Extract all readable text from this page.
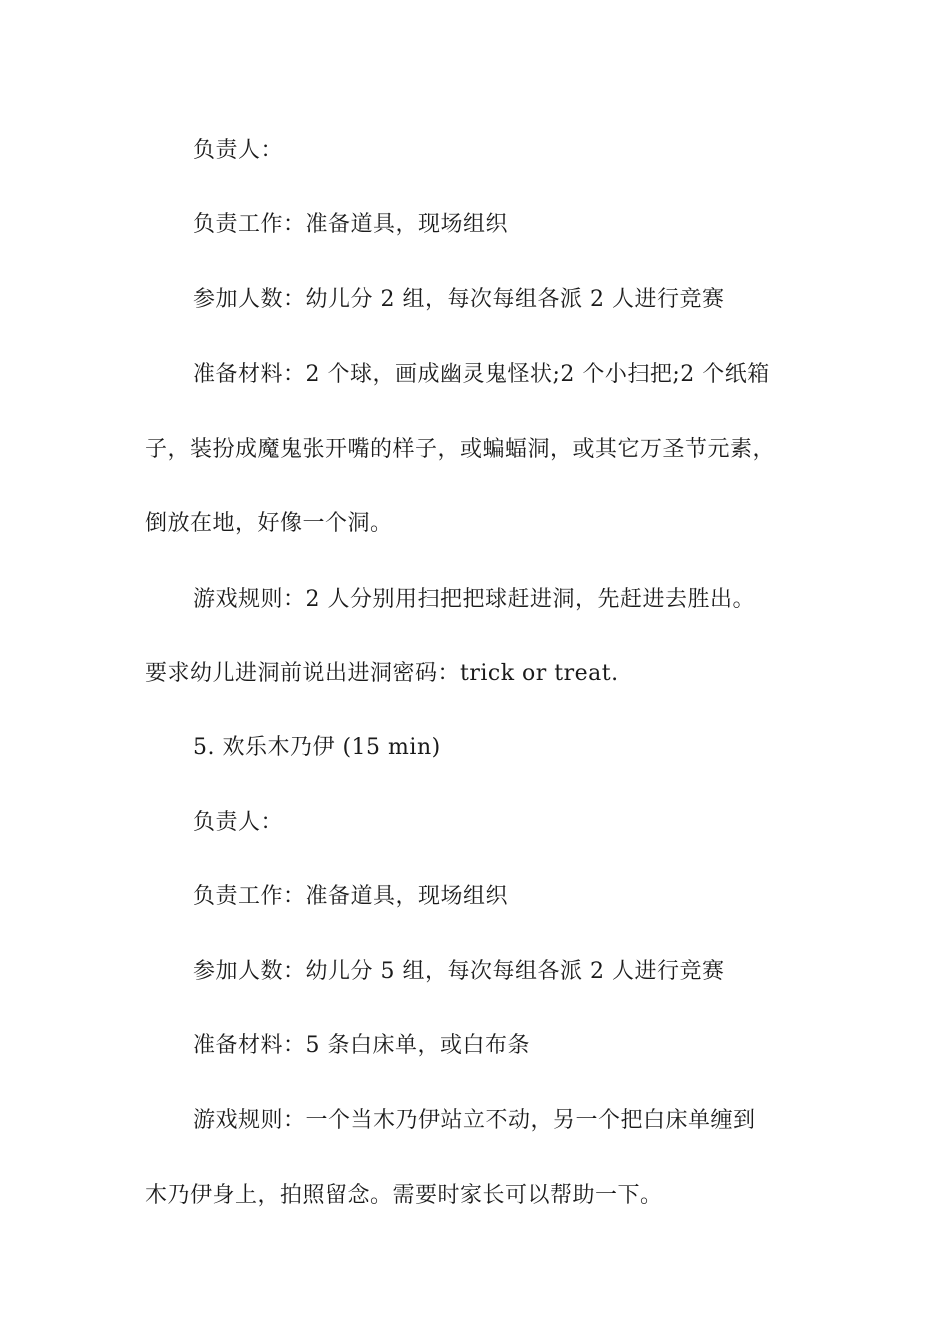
负责人：
负责工作：准备道具，现场组织
参加人数：幼儿分 2 组，每次每组各派 2 人进行竞赛
准备材料：2 个球，画成幽灵鬼怪状;2 个小扫把;2 个纸箱
子，装扮成魔鬼张开嘴的样子，或蝙蝠洞，或其它万圣节元素，
倒放在地，好像一个洞。
游戏规则：2 人分别用扫把把球赶进洞，先赶进去胜出。
要求幼儿进洞前说出进洞密码：trick or treat.
5. 欢乐木乃伊 (15 min)
负责人：
负责工作：准备道具，现场组织
参加人数：幼儿分 5 组，每次每组各派 2 人进行竞赛
准备材料：5 条白床单，或白布条
游戏规则：一个当木乃伊站立不动，另一个把白床单缠到
木乃伊身上，拍照留念。需要时家长可以帮助一下。
